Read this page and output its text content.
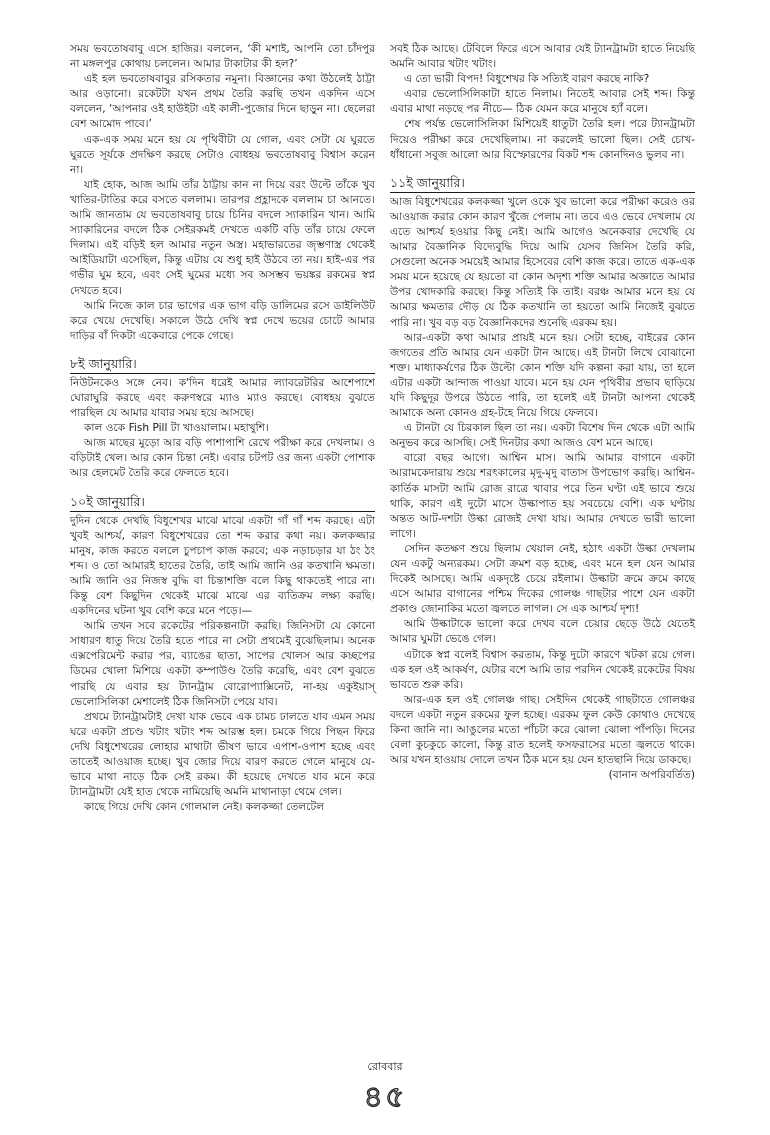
সময় ভবতোষবাবু এসে হাজির। বললেন, ‘কী মশাই, আপনি তো চাঁদপুর না মঙ্গলপুর কোথায় চললেন। আমার টাকাটার কী হল?’

এই হল ভবতোষবাবুর রসিকতার নমুনা। বিজ্ঞানের কথা উঠলেই ঠাট্টা আর ওড়ানো। রকেটটা যখন প্রথম তৈরি করছি তখন একদিন এসে বললেন, ‘আপনার ওই হাউইটা এই কালী-পুজোর দিনে ছাড়ুন না। ছেলেরা বেশ আমোদ পাবে।’

এক-এক সময় মনে হয় যে পৃথিবীটা যে গোল, এবং সেটা যে ঘুরতে ঘুরতে সূর্যকে প্রদক্ষিণ করছে সেটাও বোধহয় ভবতোষবাবু বিশ্বাস করেন না।

যাই হোক, আজ আমি তাঁর ঠাট্টায় কান না দিয়ে বরং উল্টে তাঁকে খুব খাতির-টাতির করে বসতে বললাম। তারপর প্রহ্লাদকে বললাম চা আনতে। আমি জানতাম যে ভবতোষবাবু চায়ে চিনির বদলে স্যাকারিন খান। আমি স্যাকারিনের বদলে ঠিক সেইরকমই দেখতে একটি বড়ি তাঁর চায়ে ফেলে দিলাম। এই বড়িই হল আমার নতুন অস্ত্র। মহাভারতের জৃম্ভণাস্ত্র থেকেই আইডিয়াটা এসেছিল, কিন্তু এটায় যে শুধু হাই উঠবে তা নয়। হাই-এর পর গভীর ঘুম হবে, এবং সেই ঘুমের মধ্যে সব অসম্ভব ভয়ঙ্কর রকমের স্বপ্ন দেখতে হবে।

আমি নিজে কাল চার ভাগের এক ভাগ বড়ি ডালিমের রসে ডাইলিউট করে খেয়ে দেখেছি। সকালে উঠে দেখি স্বপ্ন দেখে ভয়ের চোটে আমার দাড়ির বাঁ দিকটা একেবারে পেকে গেছে।

৮ই জানুয়ারি।

নিউটনকেও সঙ্গে নেব। ক'দিন ধরেই আমার ল্যাবরেটরির আশেপাশে ঘোরাঘুরি করছে এবং করুণস্বরে ম্যাও ম্যাও করছে। বোধহয় বুঝতে পারছিল যে আমার যাবার সময় হয়ে আসছে।

কাল ওকে Fish Pill টা খাওয়ালাম। মহাখুশি।

আজ মাছের মুড়ো আর বড়ি পাশাপাশি রেখে পরীক্ষা করে দেখলাম। ও বড়িটাই খেল। আর কোন চিন্তা নেই। এবার চটপট ওর জন্য একটা পোশাক আর হেলমেট তৈরি করে ফেলতে হবে।

১০ই জানুয়ারি।

দুদিন থেকে দেখছি বিধুশেখর মাঝে মাঝে একটা গাঁ গাঁ শব্দ করছে। এটা খুবই আশ্চর্য, কারণ বিধুশেখরের তো শব্দ করার কথা নয়। কলকজ্জার মানুষ, কাজ করতে বললে চুপচাপ কাজ করবে; এক নড়াচড়ার যা ঠং ঠং শব্দ। ও তো আমারই হাতের তৈরি, তাই আমি জানি ওর কতখানি ক্ষমতা। আমি জানি ওর নিজস্ব বুদ্ধি বা চিন্তাশক্তি বলে কিছু থাকতেই পারে না। কিন্তু বেশ কিছুদিন থেকেই মাঝে মাঝে এর ব্যতিক্রম লক্ষ্য করছি। একদিনের ঘটনা খুব বেশি করে মনে পড়ে।—

আমি তখন সবে রকেটের পরিকল্পনাটা করছি। জিনিসটা যে কোনো সাধারণ ধাতু দিয়ে তৈরি হতে পারে না সেটা প্রথমেই বুঝেছিলাম। অনেক এক্সপেরিমেন্ট করার পর, ব্যাঙের ছাতা, সাপের খোলস আর কচ্ছপের ডিমের খোলা মিশিয়ে একটা কম্পাউণ্ড তৈরি করেছি, এবং বেশ বুঝতে পারছি যে এবার হয় ট্যানট্রাম বোরোপ্যাক্সিনেট, না-হয় একুইয়াস্ ভেলোসিলিকা মেশালেই ঠিক জিনিসটা পেয়ে যাব।

প্রথমে ট্যানট্রামটাই দেখা যাক ভেবে এক চামচ ঢালতে যাব এমন সময় ঘরে একটা প্রচণ্ড খটাং খটাং শব্দ আরম্ভ হল। চমকে গিয়ে পিছন ফিরে দেখি বিধুশেখরের লোহার মাথাটা ভীষণ ভাবে এপাশ-ওপাশ হচ্ছে এবং তাতেই আওয়াজ হচ্ছে। খুব জোর দিয়ে বারণ করতে গেলে মানুষে যে-ভাবে মাথা নাড়ে ঠিক সেই রকম। কী হয়েছে দেখতে যাব মনে করে ট্যানট্রামটা যেই হাত থেকে নামিয়েছি অমনি মাথানাড়া থেমে গেল।

কাছে গিয়ে দেখি কোন গোলমাল নেই। কলকজ্জা তেলটেল

সবই ঠিক আছে। টেবিলে ফিরে এসে আবার যেই ট্যানট্রামটা হাতে নিয়েছি অমনি আবার খটাং খটাং।

এ তো ভারী বিপদ! বিধুশেখর কি সত্যিই বারণ করছে নাকি?

এবার ভেলোসিলিকাটা হাতে নিলাম। নিতেই আবার সেই শব্দ। কিন্তু এবার মাথা নড়ছে পর নীচে— ঠিক যেমন করে মানুষে হ্যাঁ বলে।

শেষ পর্যন্ত ভেলোসিলিকা মিশিয়েই ধাতুটা তৈরি হল। পরে ট্যানট্রামটা দিয়েও পরীক্ষা করে দেখেছিলাম। না করলেই ভালো ছিল। সেই চোখ-ধাঁধানো সবুজ আলো আর বিস্ফোরণের বিকট শব্দ কোনদিনও ভুলব না।

১১ই জানুয়ারি।

আজ বিধুশেখরের কলকজ্জা খুলে ওকে খুব ভালো করে পরীক্ষা করেও ওর আওয়াজ করার কোন কারণ খুঁজে পেলাম না। তবে এও ভেবে দেখলাম যে এতে আশ্চর্য হওয়ার কিছু নেই। আমি আগেও অনেকবার দেখেছি যে আমার বৈজ্ঞানিক বিদ্যেবুদ্ধি দিয়ে আমি যেসব জিনিস তৈরি করি, সেগুলো অনেক সময়েই আমার হিসেবের বেশি কাজ করে। তাতে এক-এক সময় মনে হয়েছে যে হয়তো বা কোন অদৃশ্য শক্তি আমার অজ্ঞাতে আমার উপর খোদকারি করছে। কিন্তু সত্যিই কি তাই। বরঞ্চ আমার মনে হয় যে আমার ক্ষমতার দৌড় যে ঠিক কতখানি তা হয়তো আমি নিজেই বুঝতে পারি না। খুব বড় বড় বৈজ্ঞানিকদের শুনেছি এরকম হয়।

আর-একটা কথা আমার প্রায়ই মনে হয়। সেটা হচ্ছে, বাইরের কোন জগতের প্রতি আমার যেন একটা টান আছে। এই টানটা লিখে বোঝানো শক্ত। মাধ্যাকর্ষণের ঠিক উল্টো কোন শক্তি যদি কল্পনা করা যায়, তা হলে এটার একটা আন্দাজ পাওয়া যাবে। মনে হয় যেন পৃথিবীর প্রভাব ছাড়িয়ে যদি কিছুদূর উপরে উঠতে পারি, তা হলেই এই টানটা আপনা থেকেই আমাকে অন্য কোনও গ্রহ-টহে নিয়ে গিয়ে ফেলবে।

এ টানটা যে চিরকাল ছিল তা নয়। একটা বিশেষ দিন থেকে এটা আমি অনুভব করে আসছি। সেই দিনটার কথা আজও বেশ মনে আছে।

বারো বছর আগে। আশ্বিন মাস। আমি আমার বাগানে একটা আরামকেদারায় শুয়ে শরৎকালের মৃদু-মৃদু বাতাস উপভোগ করছি। আশ্বিন-কার্তিক মাসটা আমি রোজ রাত্রে খাবার পরে তিন ঘণ্টা এই ভাবে শুয়ে থাকি, কারণ এই দুটো মাসে উল্কাপাত হয় সবচেয়ে বেশি। এক ঘণ্টায় অন্তত আট-দশটা উল্কা রোজই দেখা যায়। আমার দেখতে ভারী ভালো লাগে।

সেদিন কতক্ষণ শুয়ে ছিলাম খেয়াল নেই, হঠাৎ একটা উল্কা দেখলাম যেন একটু অন্যরকম। সেটা ক্রমশ বড় হচ্ছে, এবং মনে হল যেন আমার দিকেই আসছে। আমি একদৃষ্টে চেয়ে রইলাম। উল্কাটা ক্রমে ক্রমে কাছে এসে আমার বাগানের পশ্চিম দিকের গোলঞ্চ গাছটার পাশে যেন একটা প্রকাণ্ড জোনাকির মতো জ্বলতে লাগল। সে এক আশ্চর্য দৃশ্য!

আমি উল্কাটাকে ভালো করে দেখব বলে চেয়ার ছেড়ে উঠে যেতেই আমার ঘুমটা ভেঙে গেল।

এটাকে স্বপ্ন বলেই বিশ্বাস করতাম, কিন্তু দুটো কারণে খটকা রয়ে গেল। এক হল ওই আকর্ষণ, যেটার বশে আমি তার পরদিন থেকেই রকেটের বিষয় ভাবতে শুরু করি।

আর-এক হল ওই গোলঞ্চ গাছ। সেইদিন থেকেই গাছটাতে গোলঞ্চর বদলে একটা নতুন রকমের ফুল হচ্ছে। এরকম ফুল কেউ কোথাও দেখেছে কিনা জানি না। আঙুলের মতো পাঁচটা করে ঝোলা ঝোলা পাঁপড়ি। দিনের বেলা কুচকুচে কালো, কিন্তু রাত হলেই ফসফরাসের মতো জ্বলতে থাকে। আর যখন হাওয়ায় দোলে তখন ঠিক মনে হয় যেন হাতছানি দিয়ে ডাকছে।

(বানান অপরিবর্তিত)

রোববার
৪৫
